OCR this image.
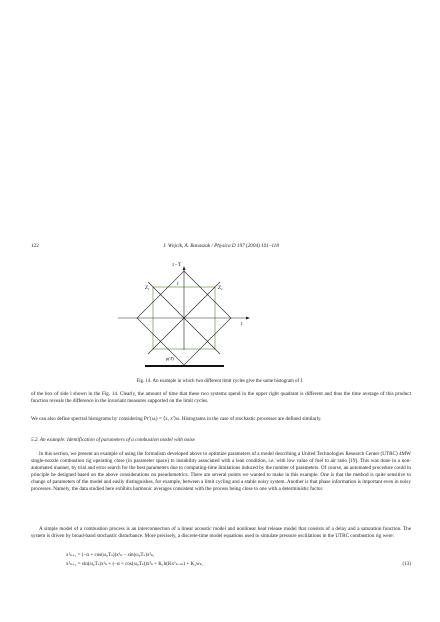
122	J. Wojcik, A. Banaszuk / Physica D 197 (2004) 101–118
t - T
t
Z₁	Z₂
l
p(T)
Fig. 14. An example in which two different limit cycles give the same histogram of J.

of the box of side l shown in the Fig. 14. Clearly, the amount of time that these two systems spend in the upper right quadrant is different and thus the time average of this product function reveals the difference in the invariant measures supported on the limit cycles.

We can also define spectral histograms by considering Pτ′(ωᵢ) = ⟨x, x′⟩ω. Histograms in the case of stochastic processes are defined similarly.

5.2. An example: Identification of parameters of a combustion model with noise

In this section, we present an example of using the formalism developed above to optimize parameters of a model describing a United Technologies Research Center (UTRC) 4MW single-nozzle combustion rig operating close (in parameter space) to instability associated with a lean condition, i.e. with low value of fuel to air ratio [19]. This was done in a non-automated manner, by trial and error search for the best parameters due to computing-time limitations induced by the number of parameters. Of course, an automated procedure could in principle be designed based on the above considerations on pseudometrics. There are several points we wanted to make in this example. One is that the method is quite sensitive to change of parameters of the model and easily distinguishes, for example, between a limit cycling and a stable noisy system. Another is that phase information is important even in noisy processes. Namely, the data studied here exhibits harmonic averages consistent with the process being close to one with a deterministic factor.

A simple model of a combustion process is an interconnection of a linear acoustic model and nonlinear heat release model that consists of a delay and a saturation function. The system is driven by broad-band stochastic disturbance. More precisely, a discrete-time model equations used to simulate pressure oscillations in the UTRC combustion rig were:

x¹ₖ₊₁ = (−α + cos(ω₀Tₛ))x¹ₖ − sin(ω₀Tₛ)x²ₖ,
x²ₖ₊₁ = sin(ω₀Tₛ)x¹ₖ + (−α + cos(ω₀Tₛ))x²ₖ + K₁h(Kx¹ₖ₋ₘ) + K₂wₖ,	(13)
